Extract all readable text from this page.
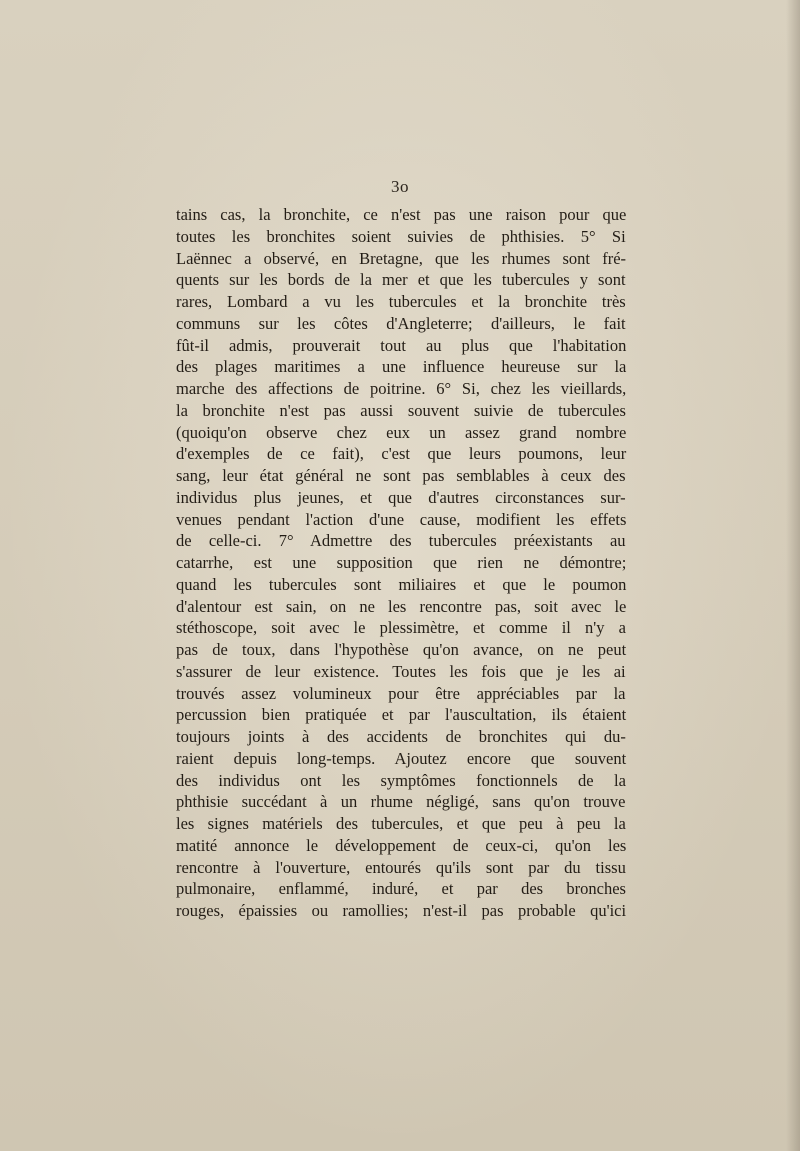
3o
tains cas, la bronchite, ce n'est pas une raison pour que
toutes les bronchites soient suivies de phthisies. 5° Si
Laënnec a observé, en Bretagne, que les rhumes sont fré-
quents sur les bords de la mer et que les tubercules y sont
rares, Lombard a vu les tubercules et la bronchite très
communs sur les côtes d'Angleterre; d'ailleurs, le fait
fût-il admis, prouverait tout au plus que l'habitation
des plages maritimes a une influence heureuse sur la
marche des affections de poitrine. 6° Si, chez les vieillards,
la bronchite n'est pas aussi souvent suivie de tubercules
(quoiqu'on observe chez eux un assez grand nombre
d'exemples de ce fait), c'est que leurs poumons, leur
sang, leur état général ne sont pas semblables à ceux des
individus plus jeunes, et que d'autres circonstances sur-
venues pendant l'action d'une cause, modifient les effets
de celle-ci. 7° Admettre des tubercules préexistants au
catarrhe, est une supposition que rien ne démontre;
quand les tubercules sont miliaires et que le poumon
d'alentour est sain, on ne les rencontre pas, soit avec le
stéthoscope, soit avec le plessimètre, et comme il n'y a
pas de toux, dans l'hypothèse qu'on avance, on ne peut
s'assurer de leur existence. Toutes les fois que je les ai
trouvés assez volumineux pour être appréciables par la
percussion bien pratiquée et par l'auscultation, ils étaient
toujours joints à des accidents de bronchites qui du-
raient depuis long-temps. Ajoutez encore que souvent
des individus ont les symptômes fonctionnels de la
phthisie succédant à un rhume négligé, sans qu'on trouve
les signes matériels des tubercules, et que peu à peu la
matité annonce le développement de ceux-ci, qu'on les
rencontre à l'ouverture, entourés qu'ils sont par du tissu
pulmonaire, enflammé, induré, et par des bronches
rouges, épaissies ou ramollies; n'est-il pas probable qu'ici
